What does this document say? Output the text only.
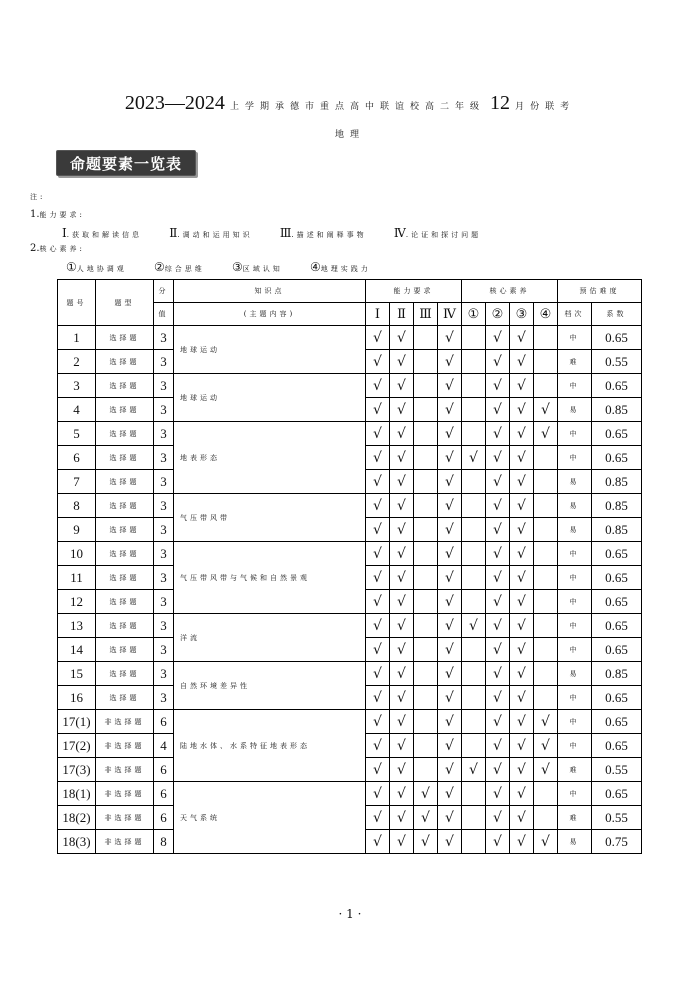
2023—2024 上学期承德市重点高中联谊校高二年级 12 月份联考
地理
命题要素一览表
注:
1.能力要求:
Ⅰ.获取和解读信息 Ⅱ.调动和运用知识 Ⅲ.描述和阐释事物 Ⅳ.论证和探讨问题
2.核心素养:
①人地协调观 ②综合思维 ③区域认知 ④地理实践力
题号	题型	分	知识点	能力要求				核心素养				预估难度	
		值	(主题内容)	Ⅰ	Ⅱ	Ⅲ	Ⅳ	①	②	③	④	档次	系数
1	选择题	3	地球运动	√	√		√		√	√		中	0.65
2	选择题	3		√	√		√		√	√		难	0.55
3	选择题	3	地球运动	√	√		√		√	√		中	0.65
4	选择题	3		√	√		√		√	√	√	易	0.85
5	选择题	3	地表形态	√	√		√		√	√	√	中	0.65
6	选择题	3		√	√		√	√	√	√		中	0.65
7	选择题	3		√	√		√		√	√		易	0.85
8	选择题	3	气压带风带	√	√		√		√	√		易	0.85
9	选择题	3		√	√		√		√	√		易	0.85
10	选择题	3	气压带风带与气候和自然景观	√	√		√		√	√		中	0.65
11	选择题	3		√	√		√		√	√		中	0.65
12	选择题	3		√	√		√		√	√		中	0.65
13	选择题	3	洋流	√	√		√	√	√	√		中	0.65
14	选择题	3		√	√		√		√	√		中	0.65
15	选择题	3	自然环境差异性	√	√		√		√	√		易	0.85
16	选择题	3		√	√		√		√	√		中	0.65
17(1)	非选择题	6	陆地水体、水系特征地表形态	√	√		√		√	√	√	中	0.65
17(2)	非选择题	4		√	√		√		√	√	√	中	0.65
17(3)	非选择题	6		√	√		√	√	√	√	√	难	0.55
18(1)	非选择题	6	天气系统	√	√	√	√		√	√		中	0.65
18(2)	非选择题	6		√	√	√	√		√	√		难	0.55
18(3)	非选择题	8		√	√	√	√		√	√	√	易	0.75
· 1 ·
